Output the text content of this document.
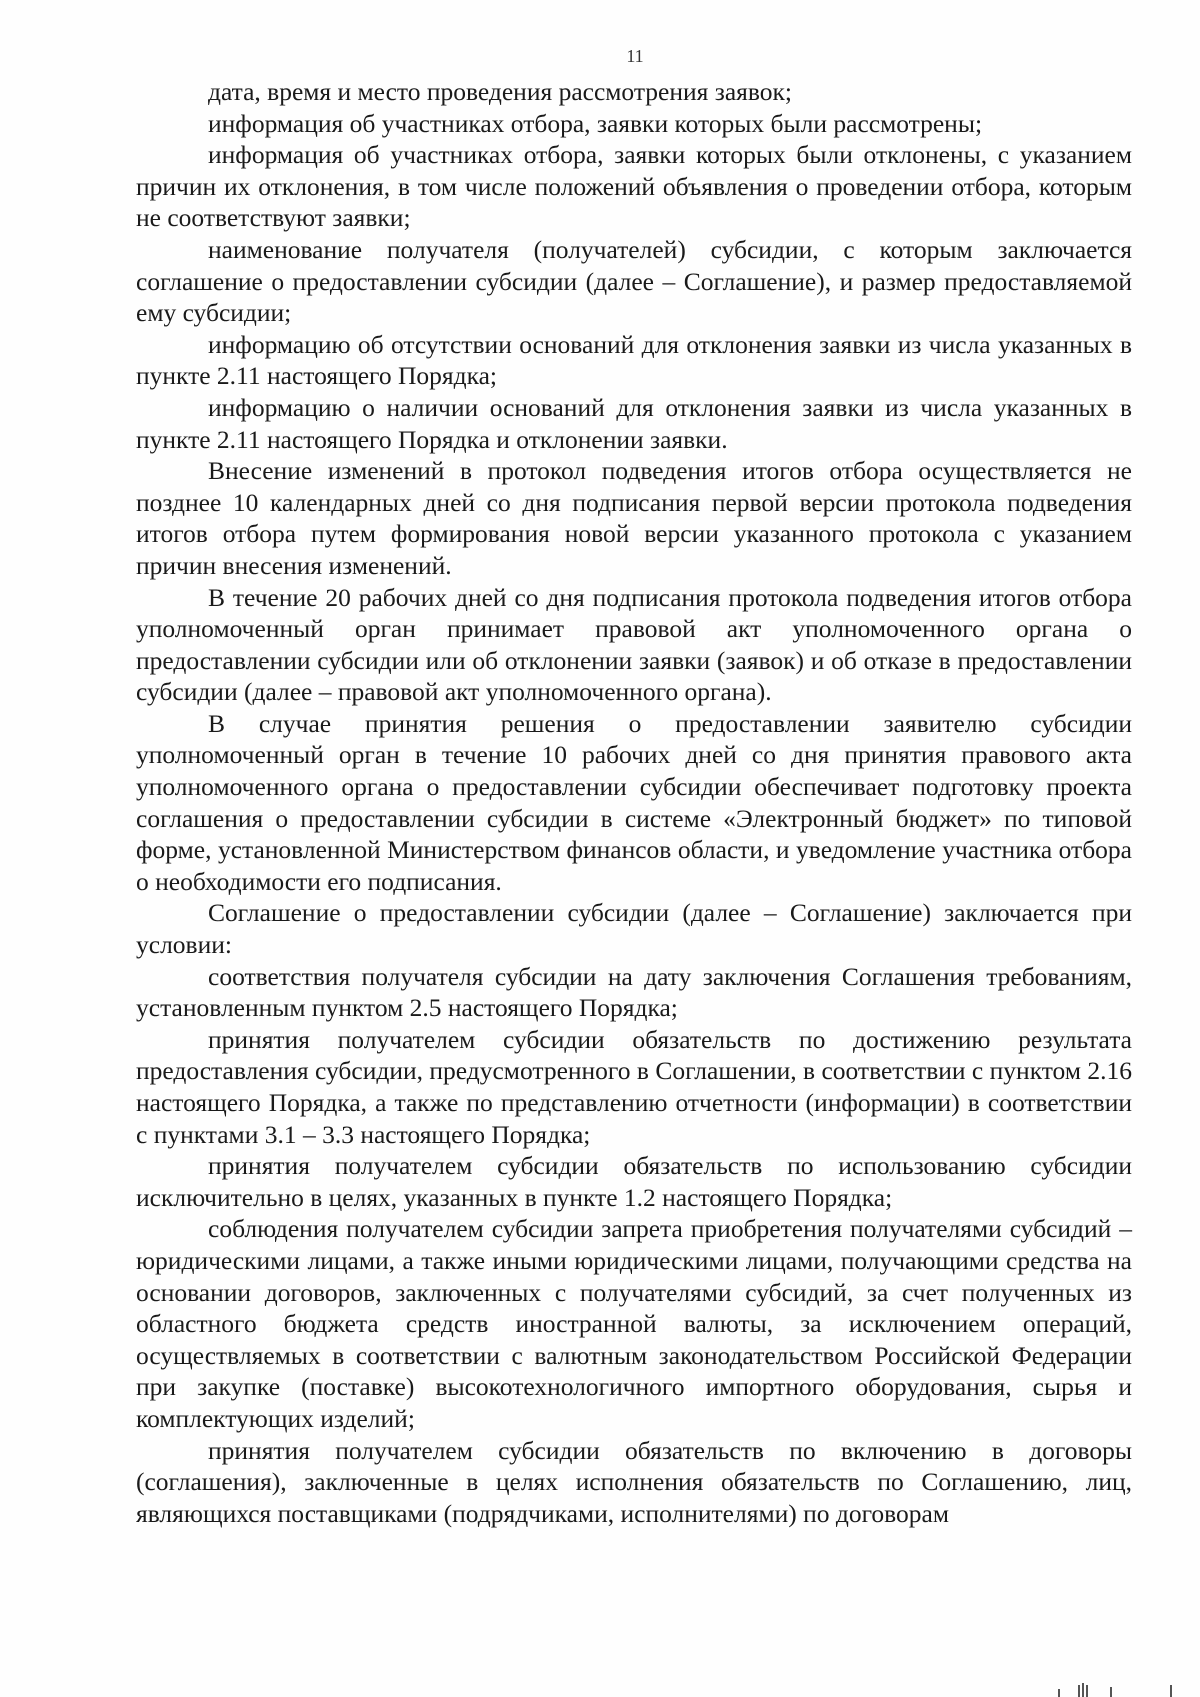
11

дата, время и место проведения рассмотрения заявок;

информация об участниках отбора, заявки которых были рассмотрены;

информация об участниках отбора, заявки которых были отклонены, с указанием причин их отклонения, в том числе положений объявления о проведении отбора, которым не соответствуют заявки;

наименование получателя (получателей) субсидии, с которым заключается соглашение о предоставлении субсидии (далее – Соглашение), и размер предоставляемой ему субсидии;

информацию об отсутствии оснований для отклонения заявки из числа указанных в пункте 2.11 настоящего Порядка;

информацию о наличии оснований для отклонения заявки из числа указанных в пункте 2.11 настоящего Порядка и отклонении заявки.

Внесение изменений в протокол подведения итогов отбора осуществляется не позднее 10 календарных дней со дня подписания первой версии протокола подведения итогов отбора путем формирования новой версии указанного протокола с указанием причин внесения изменений.

В течение 20 рабочих дней со дня подписания протокола подведения итогов отбора уполномоченный орган принимает правовой акт уполномоченного органа о предоставлении субсидии или об отклонении заявки (заявок) и об отказе в предоставлении субсидии (далее – правовой акт уполномоченного органа).

В случае принятия решения о предоставлении заявителю субсидии уполномоченный орган в течение 10 рабочих дней со дня принятия правового акта уполномоченного органа о предоставлении субсидии обеспечивает подготовку проекта соглашения о предоставлении субсидии в системе «Электронный бюджет» по типовой форме, установленной Министерством финансов области, и уведомление участника отбора о необходимости его подписания.

Соглашение о предоставлении субсидии (далее – Соглашение) заключается при условии:

соответствия получателя субсидии на дату заключения Соглашения требованиям, установленным пунктом 2.5 настоящего Порядка;

принятия получателем субсидии обязательств по достижению результата предоставления субсидии, предусмотренного в Соглашении, в соответствии с пунктом 2.16 настоящего Порядка, а также по представлению отчетности (информации) в соответствии с пунктами 3.1 – 3.3 настоящего Порядка;

принятия получателем субсидии обязательств по использованию субсидии исключительно в целях, указанных в пункте 1.2 настоящего Порядка;

соблюдения получателем субсидии запрета приобретения получателями субсидий – юридическими лицами, а также иными юридическими лицами, получающими средства на основании договоров, заключенных с получателями субсидий, за счет полученных из областного бюджета средств иностранной валюты, за исключением операций, осуществляемых в соответствии с валютным законодательством Российской Федерации при закупке (поставке) высокотехнологичного импортного оборудования, сырья и комплектующих изделий;

принятия получателем субсидии обязательств по включению в договоры (соглашения), заключенные в целях исполнения обязательств по Соглашению, лиц, являющихся поставщиками (подрядчиками, исполнителями) по договорам
